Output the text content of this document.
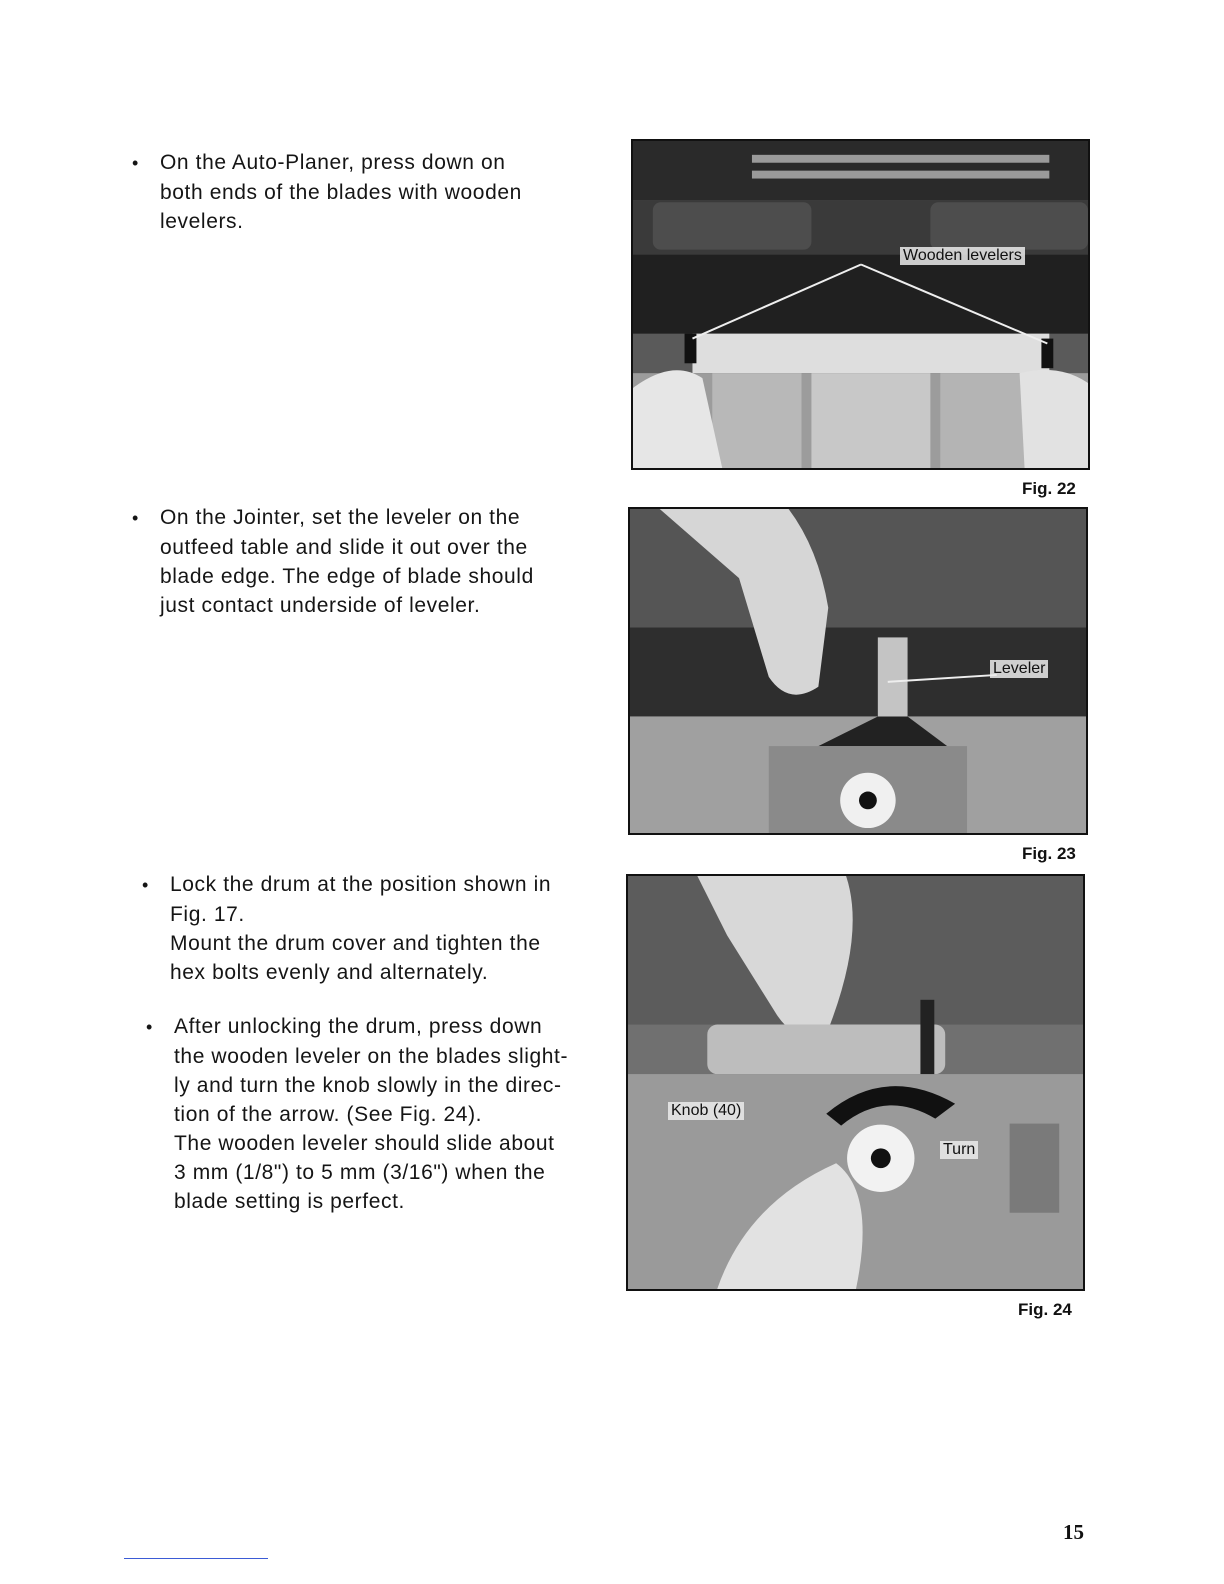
• On the Auto-Planer, press down on
both ends of the blades with wooden
levelers.
• On the Jointer, set the leveler on the
outfeed table and slide it out over the
blade edge. The edge of blade should
just contact underside of leveler.
• Lock the drum at the position shown in
Fig. 17.
Mount the drum cover and tighten the
hex bolts evenly and alternately.
• After unlocking the drum, press down
the wooden leveler on the blades slight-
ly and turn the knob slowly in the direc-
tion of the arrow. (See Fig. 24).
The wooden leveler should slide about
3 mm (1/8") to 5 mm (3/16") when the
blade setting is perfect.
Wooden levelers
Fig. 22
Leveler
Fig. 23
Knob (40)
Turn
Fig. 24
15
